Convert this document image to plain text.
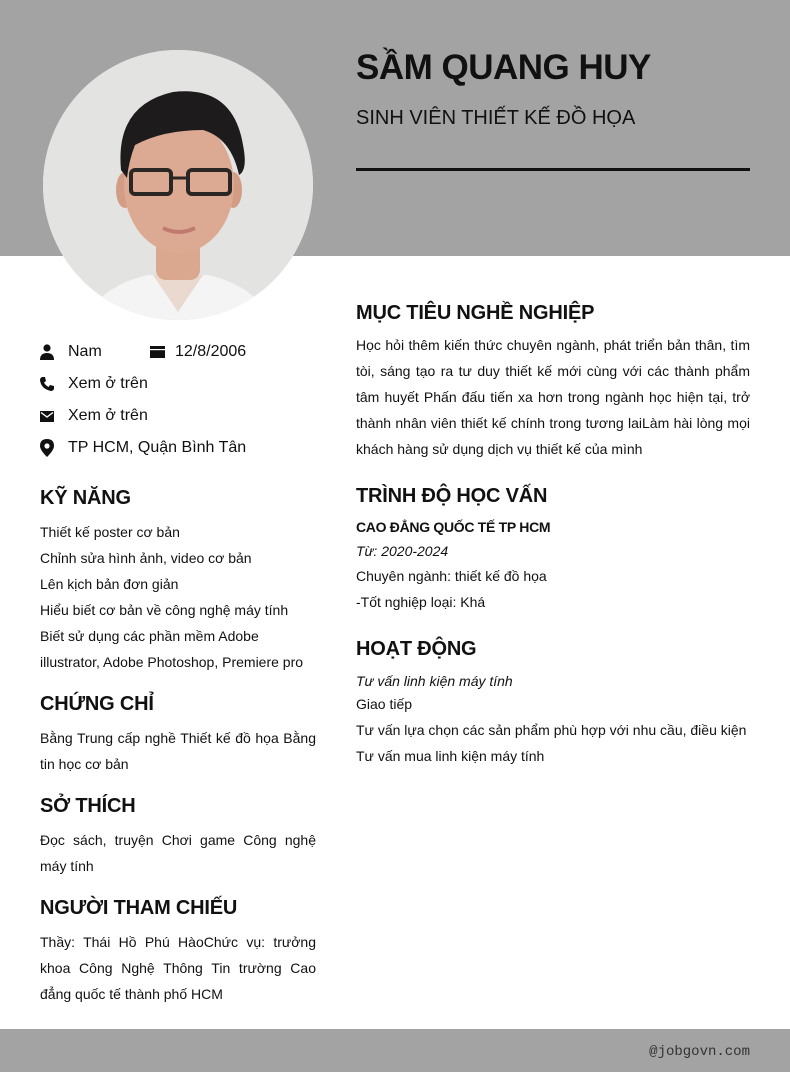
SẦM QUANG HUY
SINH VIÊN THIẾT KẾ ĐỒ HỌA
Nam	12/8/2006
Xem ở trên
Xem ở trên
TP HCM, Quận Bình Tân
KỸ NĂNG
Thiết kế poster cơ bản
Chỉnh sửa hình ảnh, video cơ bản
Lên kịch bản đơn giản
Hiểu biết cơ bản về công nghệ máy tính
Biết sử dụng các phần mềm Adobe
illustrator, Adobe Photoshop, Premiere pro
CHỨNG CHỈ
Bằng Trung cấp nghề Thiết kế đồ họa Bằng tin học cơ bản
SỞ THÍCH
Đọc sách, truyện Chơi game Công nghệ máy tính
NGƯỜI THAM CHIẾU
Thầy: Thái Hồ Phú HàoChức vụ: trưởng khoa Công Nghệ Thông Tin trường Cao đẳng quốc tế thành phố HCM
MỤC TIÊU NGHỀ NGHIỆP
Học hỏi thêm kiến thức chuyên ngành, phát triển bản thân, tìm tòi, sáng tạo ra tư duy thiết kế mới cùng với các thành phẩm tâm huyết Phấn đấu tiến xa hơn trong ngành học hiện tại, trở thành nhân viên thiết kế chính trong tương laiLàm hài lòng mọi khách hàng sử dụng dịch vụ thiết kế của mình
TRÌNH ĐỘ HỌC VẤN
CAO ĐẲNG QUỐC TẾ TP HCM
Từ: 2020-2024
Chuyên ngành: thiết kế đồ họa
-Tốt nghiệp loại: Khá
HOẠT ĐỘNG
Tư vấn linh kiện máy tính
Giao tiếp
Tư vấn lựa chọn các sản phẩm phù hợp với nhu cầu, điều kiện
Tư vấn mua linh kiện máy tính
@jobgovn.com
